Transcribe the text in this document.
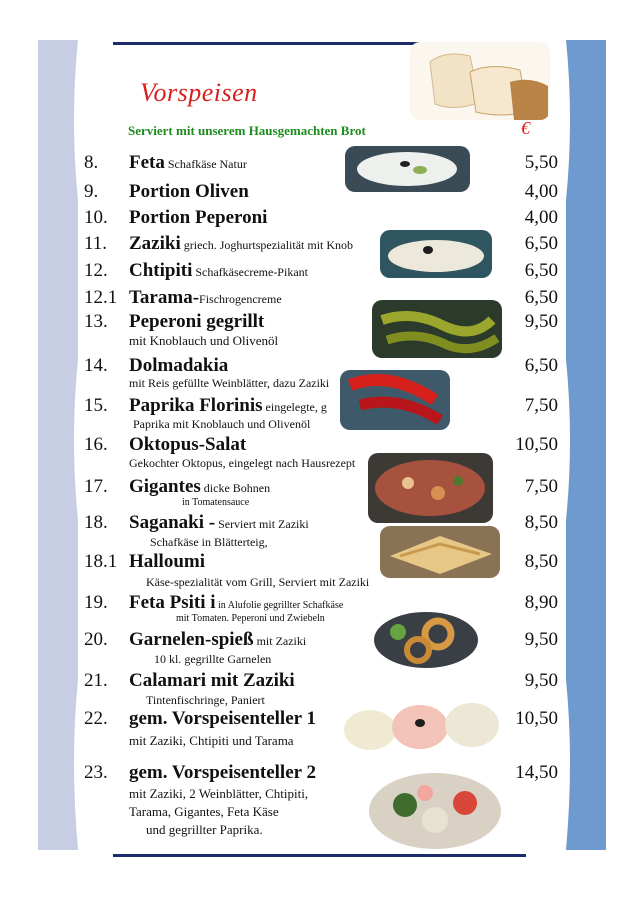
Vorspeisen
Serviert mit unserem Hausgemachten Brot	€
8. Feta Schafkäse Natur	5,50
9. Portion Oliven	4,00
10. Portion Peperoni	4,00
11. Zaziki griech. Joghurtspezialität mit Knob	6,50
12. Chtipiti Schafkäsecreme-Pikant	6,50
12.1 Tarama-Fischrogencreme	6,50
13. Peperoni gegrillt	9,50
mit Knoblauch und Olivenöl
14. Dolmadakia	6,50
mit Reis gefüllte Weinblätter, dazu Zaziki
15. Paprika Florinis eingelegte, g	7,50
Paprika mit Knoblauch und Olivenöl
16. Oktopus-Salat	10,50
Gekochter Oktopus, eingelegt nach Hausrezept
17. Gigantes dicke Bohnen	7,50
in Tomatensauce
18. Saganaki - Serviert mit Zaziki	8,50
Schafkäse in Blätterteig,
18.1 Halloumi	8,50
Käse-spezialität vom Grill, Serviert mit Zaziki
19. Feta Psiti i in Alufolie gegrillter Schafkäse	8,90
mit Tomaten. Peperoni und Zwiebeln
20. Garnelen-spieß mit Zaziki	9,50
10 kl. gegrillte Garnelen
21. Calamari mit Zaziki	9,50
Tintenfischringe, Paniert
22. gem. Vorspeisenteller 1	10,50
mit Zaziki, Chtipiti und Tarama
23. gem. Vorspeisenteller 2	14,50
mit Zaziki, 2 Weinblätter, Chtipiti,
Tarama, Gigantes, Feta Käse
und gegrillter Paprika.
